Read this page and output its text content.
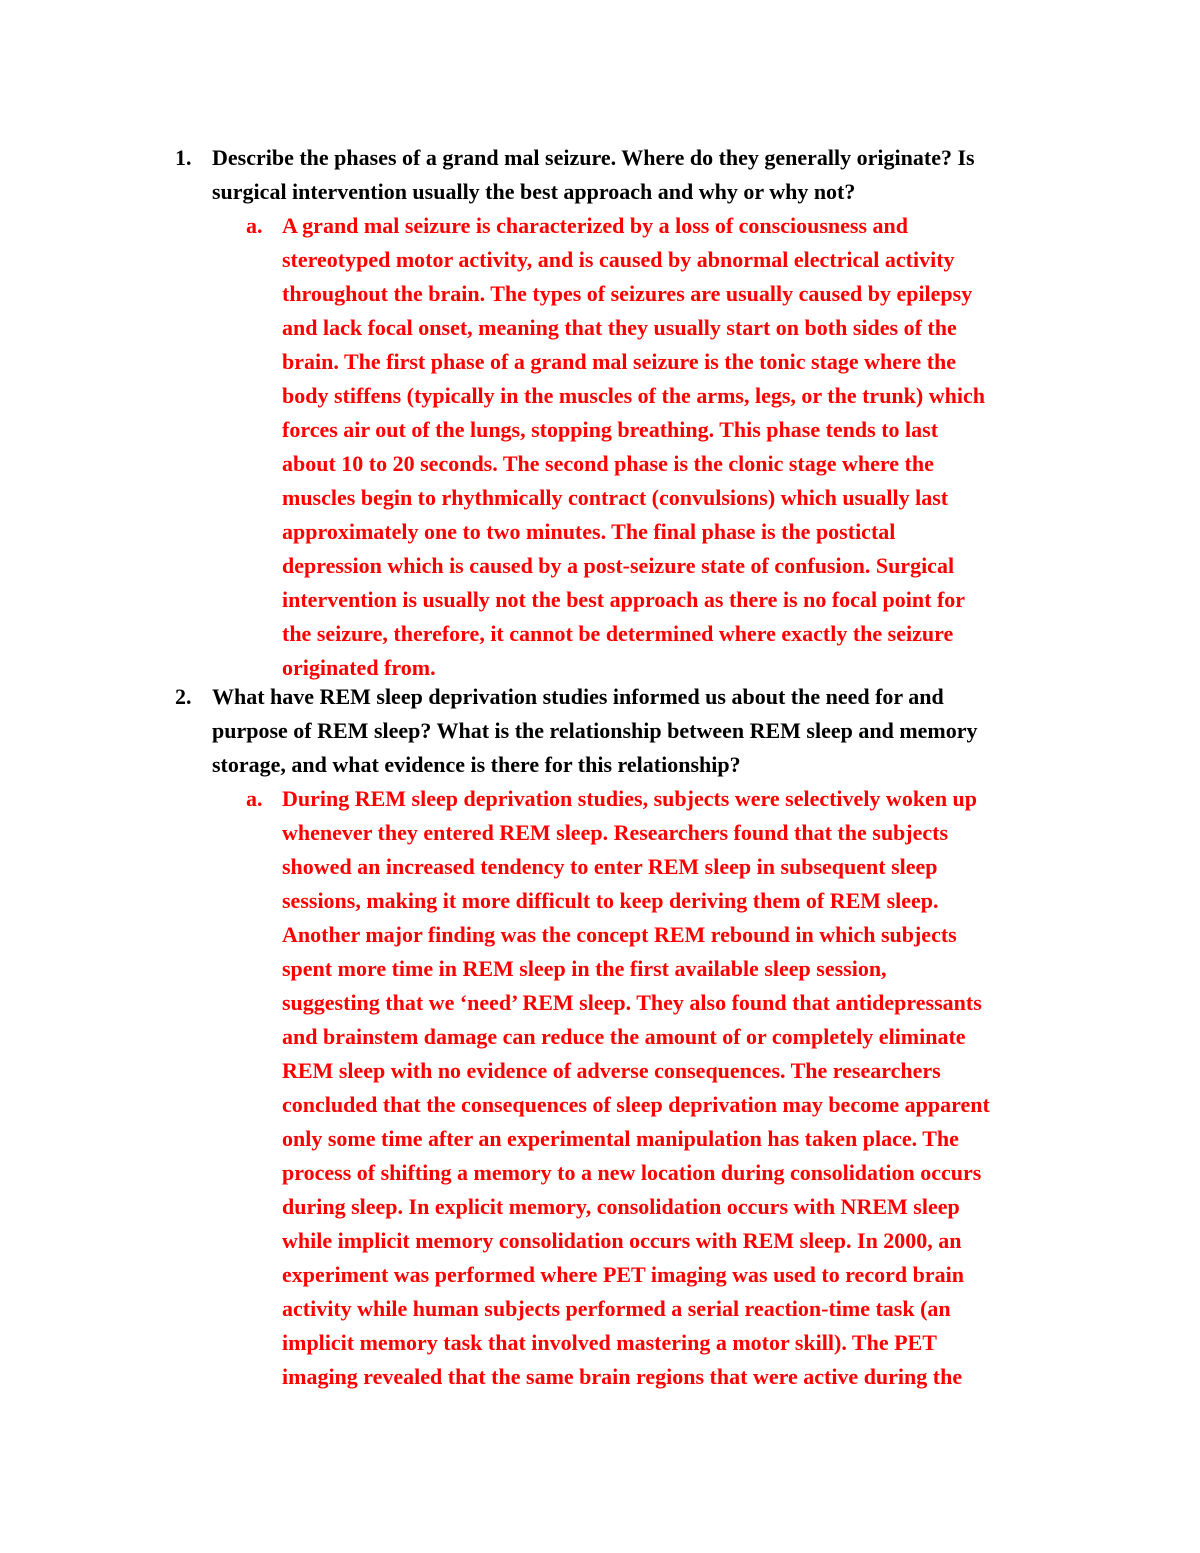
1. Describe the phases of a grand mal seizure. Where do they generally originate? Is
surgical intervention usually the best approach and why or why not?
a. A grand mal seizure is characterized by a loss of consciousness and
stereotyped motor activity, and is caused by abnormal electrical activity
throughout the brain. The types of seizures are usually caused by epilepsy
and lack focal onset, meaning that they usually start on both sides of the
brain. The first phase of a grand mal seizure is the tonic stage where the
body stiffens (typically in the muscles of the arms, legs, or the trunk) which
forces air out of the lungs, stopping breathing. This phase tends to last
about 10 to 20 seconds. The second phase is the clonic stage where the
muscles begin to rhythmically contract (convulsions) which usually last
approximately one to two minutes. The final phase is the postictal
depression which is caused by a post-seizure state of confusion. Surgical
intervention is usually not the best approach as there is no focal point for
the seizure, therefore, it cannot be determined where exactly the seizure
originated from.
2. What have REM sleep deprivation studies informed us about the need for and
purpose of REM sleep? What is the relationship between REM sleep and memory
storage, and what evidence is there for this relationship?
a. During REM sleep deprivation studies, subjects were selectively woken up
whenever they entered REM sleep. Researchers found that the subjects
showed an increased tendency to enter REM sleep in subsequent sleep
sessions, making it more difficult to keep deriving them of REM sleep.
Another major finding was the concept REM rebound in which subjects
spent more time in REM sleep in the first available sleep session,
suggesting that we ‘need’ REM sleep. They also found that antidepressants
and brainstem damage can reduce the amount of or completely eliminate
REM sleep with no evidence of adverse consequences. The researchers
concluded that the consequences of sleep deprivation may become apparent
only some time after an experimental manipulation has taken place. The
process of shifting a memory to a new location during consolidation occurs
during sleep. In explicit memory, consolidation occurs with NREM sleep
while implicit memory consolidation occurs with REM sleep. In 2000, an
experiment was performed where PET imaging was used to record brain
activity while human subjects performed a serial reaction-time task (an
implicit memory task that involved mastering a motor skill). The PET
imaging revealed that the same brain regions that were active during the
